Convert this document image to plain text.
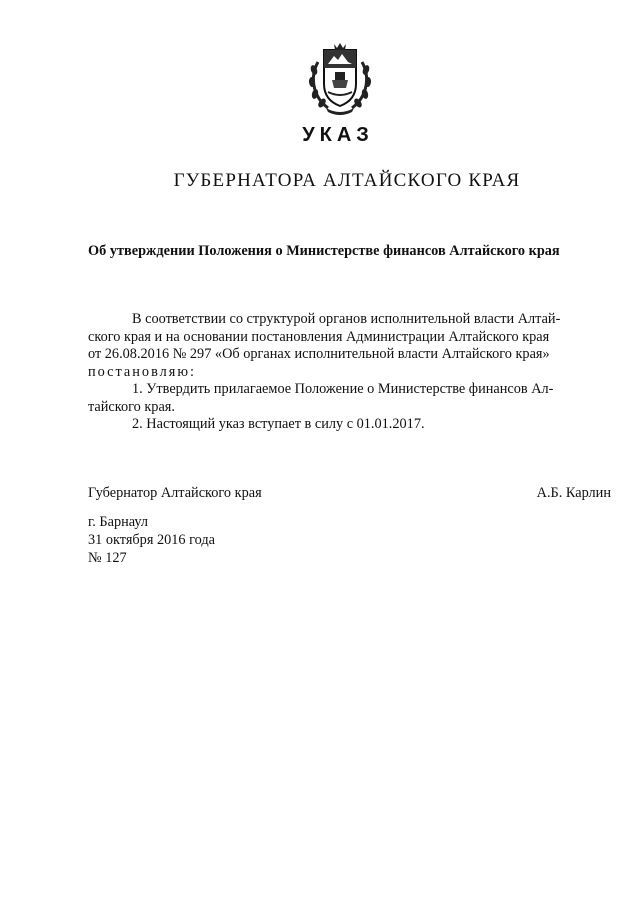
УКАЗ
ГУБЕРНАТОРА АЛТАЙСКОГО КРАЯ
Об утверждении Положения о Министерстве финансов Алтайского края

В соответствии со структурой органов исполнительной власти Алтай-

ского края и на основании постановления Администрации Алтайского края

от 26.08.2016 № 297 «Об органах исполнительной власти Алтайского края»

постановляю:

1. Утвердить прилагаемое Положение о Министерстве финансов Ал-

тайского края.

2. Настоящий указ вступает в силу с 01.01.2017.

Губернатор Алтайского края	А.Б. Карлин
г. Барнаул
31 октября 2016 года
№ 127
